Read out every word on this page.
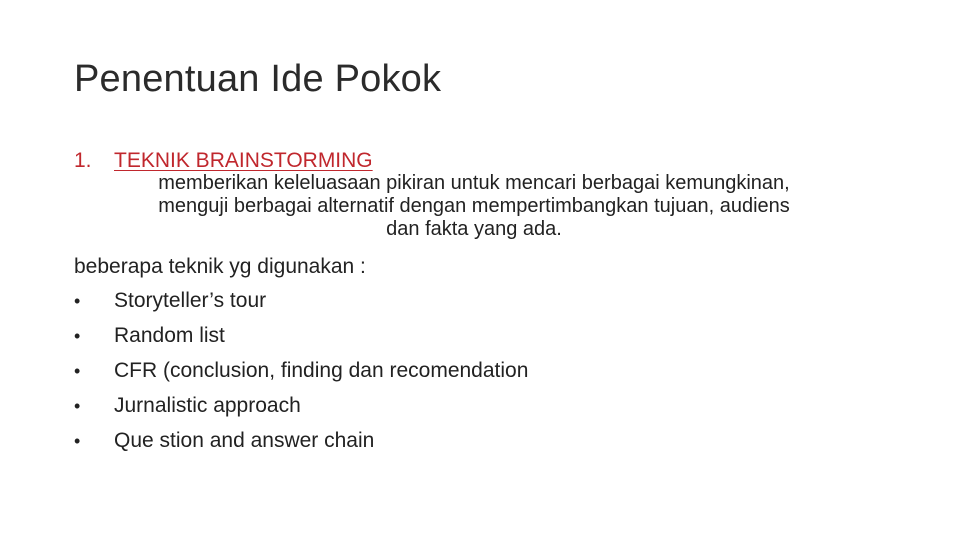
Penentuan Ide Pokok
1.	TEKNIK BRAINSTORMING
memberikan keleluasaan pikiran untuk mencari berbagai kemungkinan,
menguji berbagai alternatif dengan mempertimbangkan tujuan, audiens
dan fakta yang ada.
beberapa teknik yg digunakan :
•	Storyteller’s tour
•	Random list
•	CFR (conclusion, finding dan recomendation
•	Jurnalistic approach
•	Que stion and answer chain
